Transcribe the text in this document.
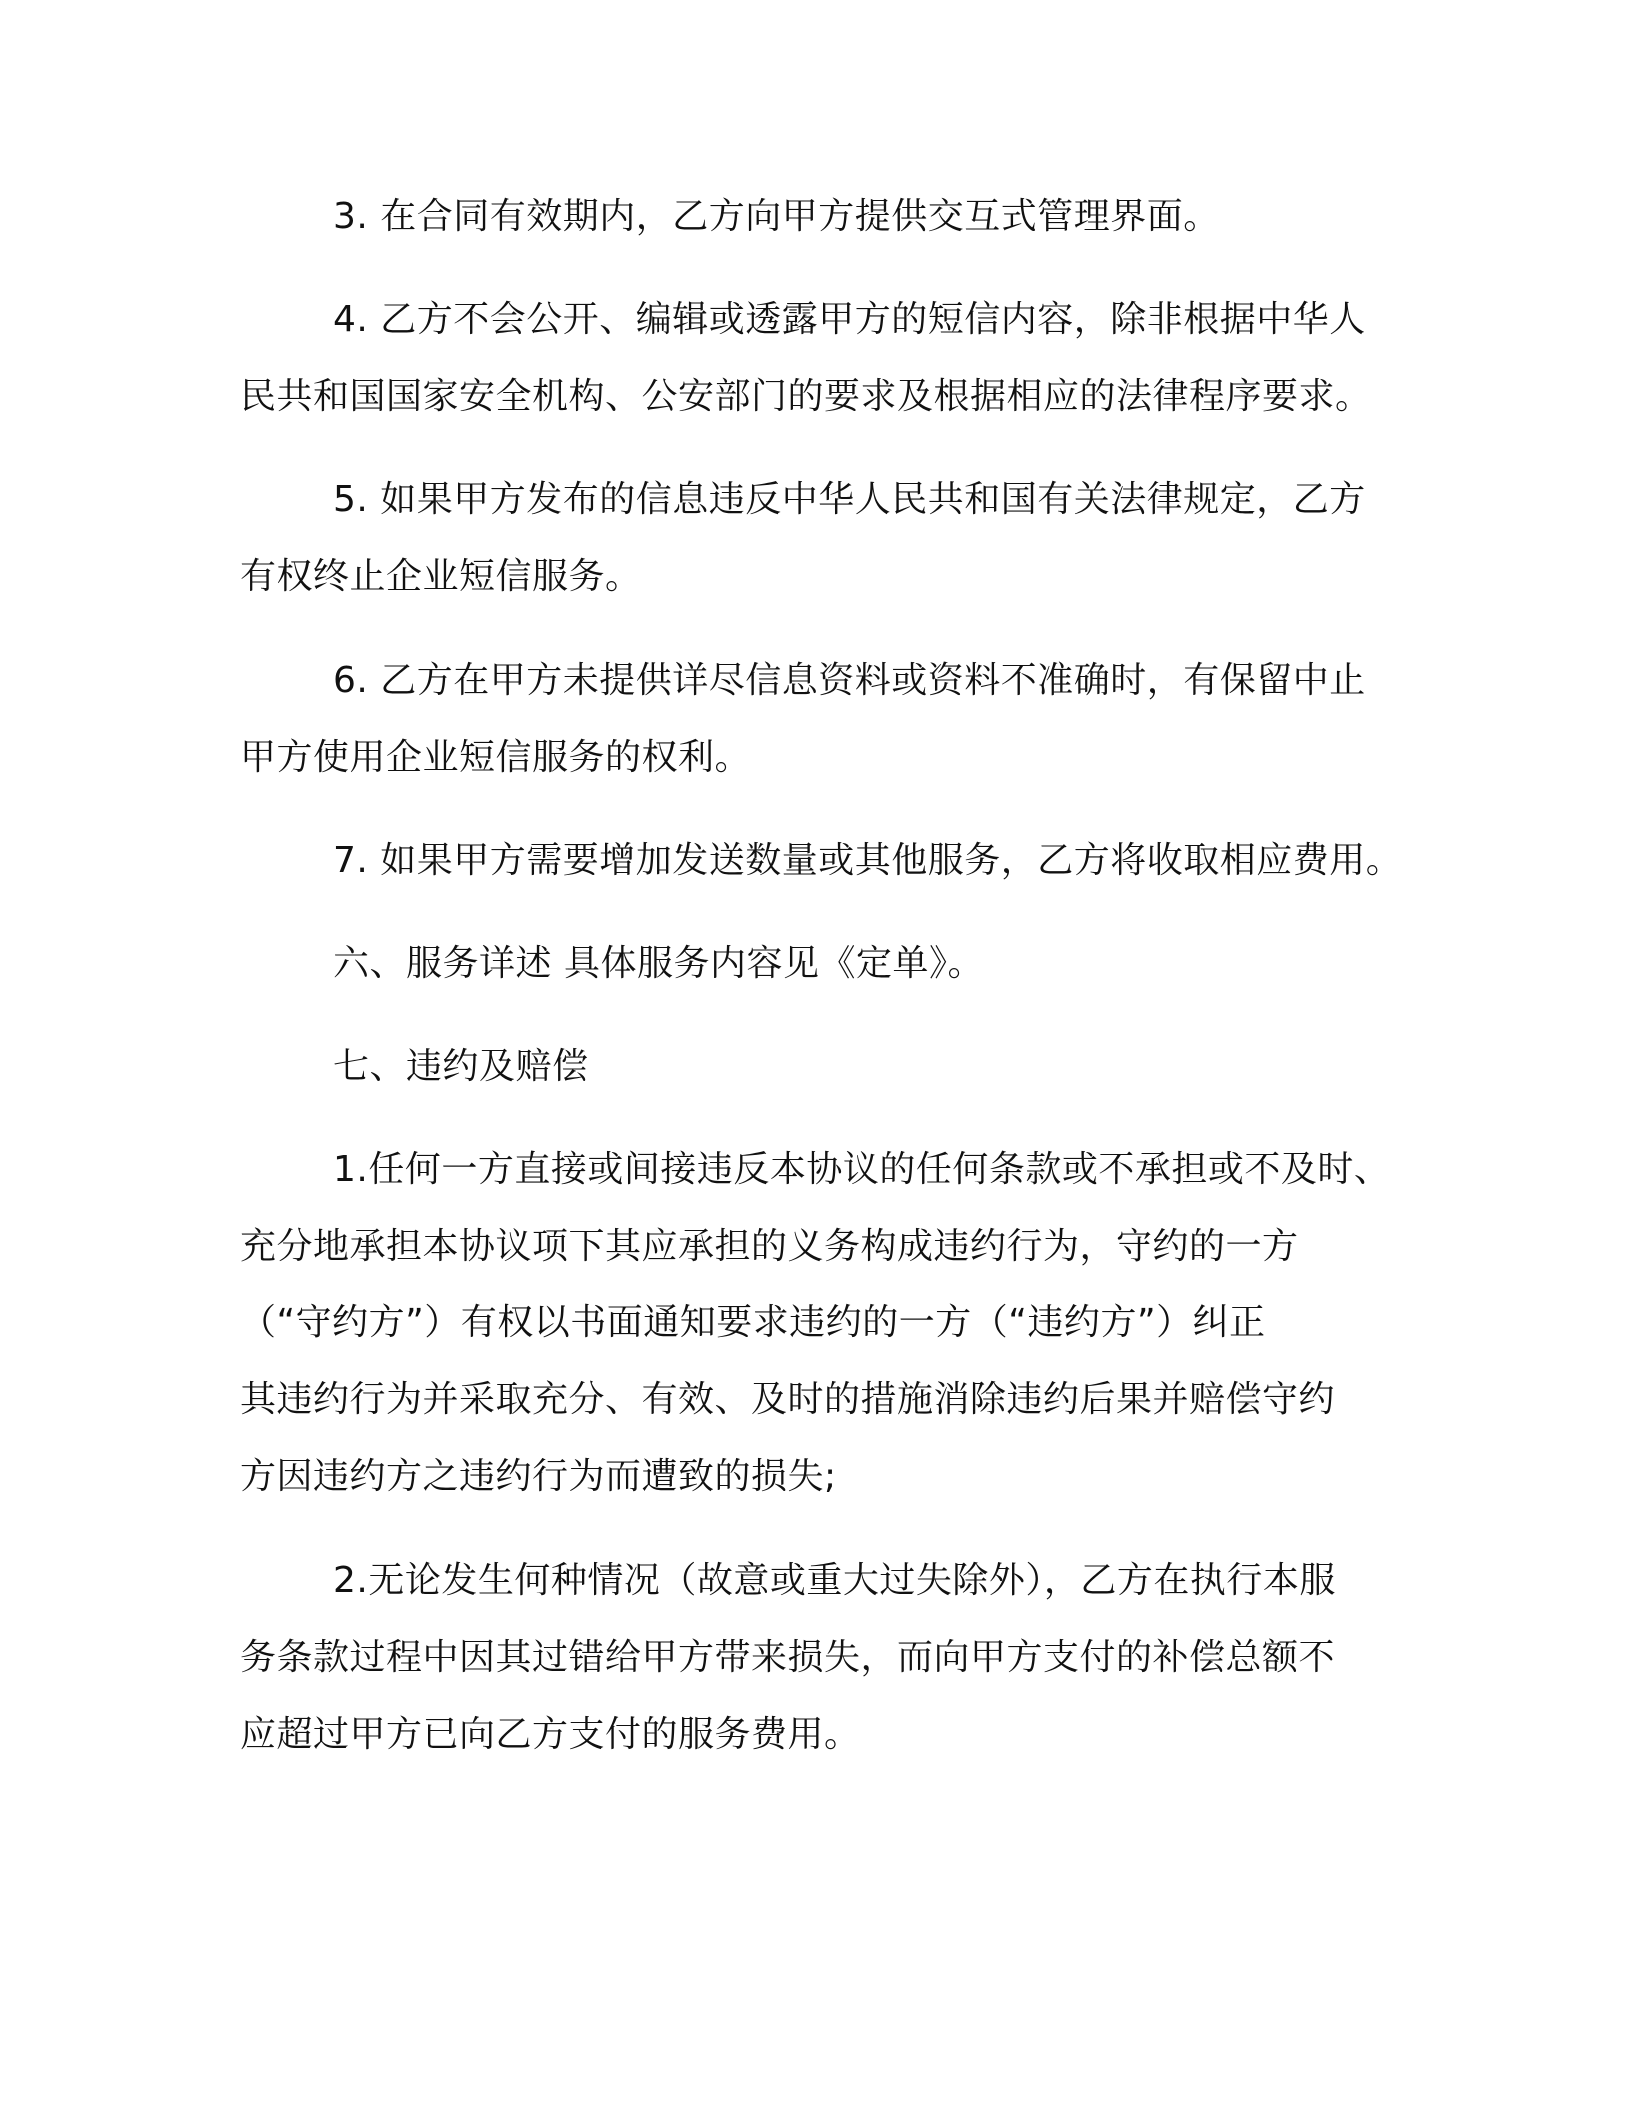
3. 在合同有效期内，乙方向甲方提供交互式管理界面。
4. 乙方不会公开、编辑或透露甲方的短信内容，除非根据中华人
民共和国国家安全机构、公安部门的要求及根据相应的法律程序要求。
5. 如果甲方发布的信息违反中华人民共和国有关法律规定，乙方
有权终止企业短信服务。
6. 乙方在甲方未提供详尽信息资料或资料不准确时，有保留中止
甲方使用企业短信服务的权利。
7. 如果甲方需要增加发送数量或其他服务，乙方将收取相应费用。
六、服务详述 具体服务内容见《定单》。
七、违约及赔偿
1.任何一方直接或间接违反本协议的任何条款或不承担或不及时、
充分地承担本协议项下其应承担的义务构成违约行为，守约的一方
（“守约方”）有权以书面通知要求违约的一方（“违约方”）纠正
其违约行为并采取充分、有效、及时的措施消除违约后果并赔偿守约
方因违约方之违约行为而遭致的损失;
2.无论发生何种情况（故意或重大过失除外），乙方在执行本服
务条款过程中因其过错给甲方带来损失，而向甲方支付的补偿总额不
应超过甲方已向乙方支付的服务费用。
